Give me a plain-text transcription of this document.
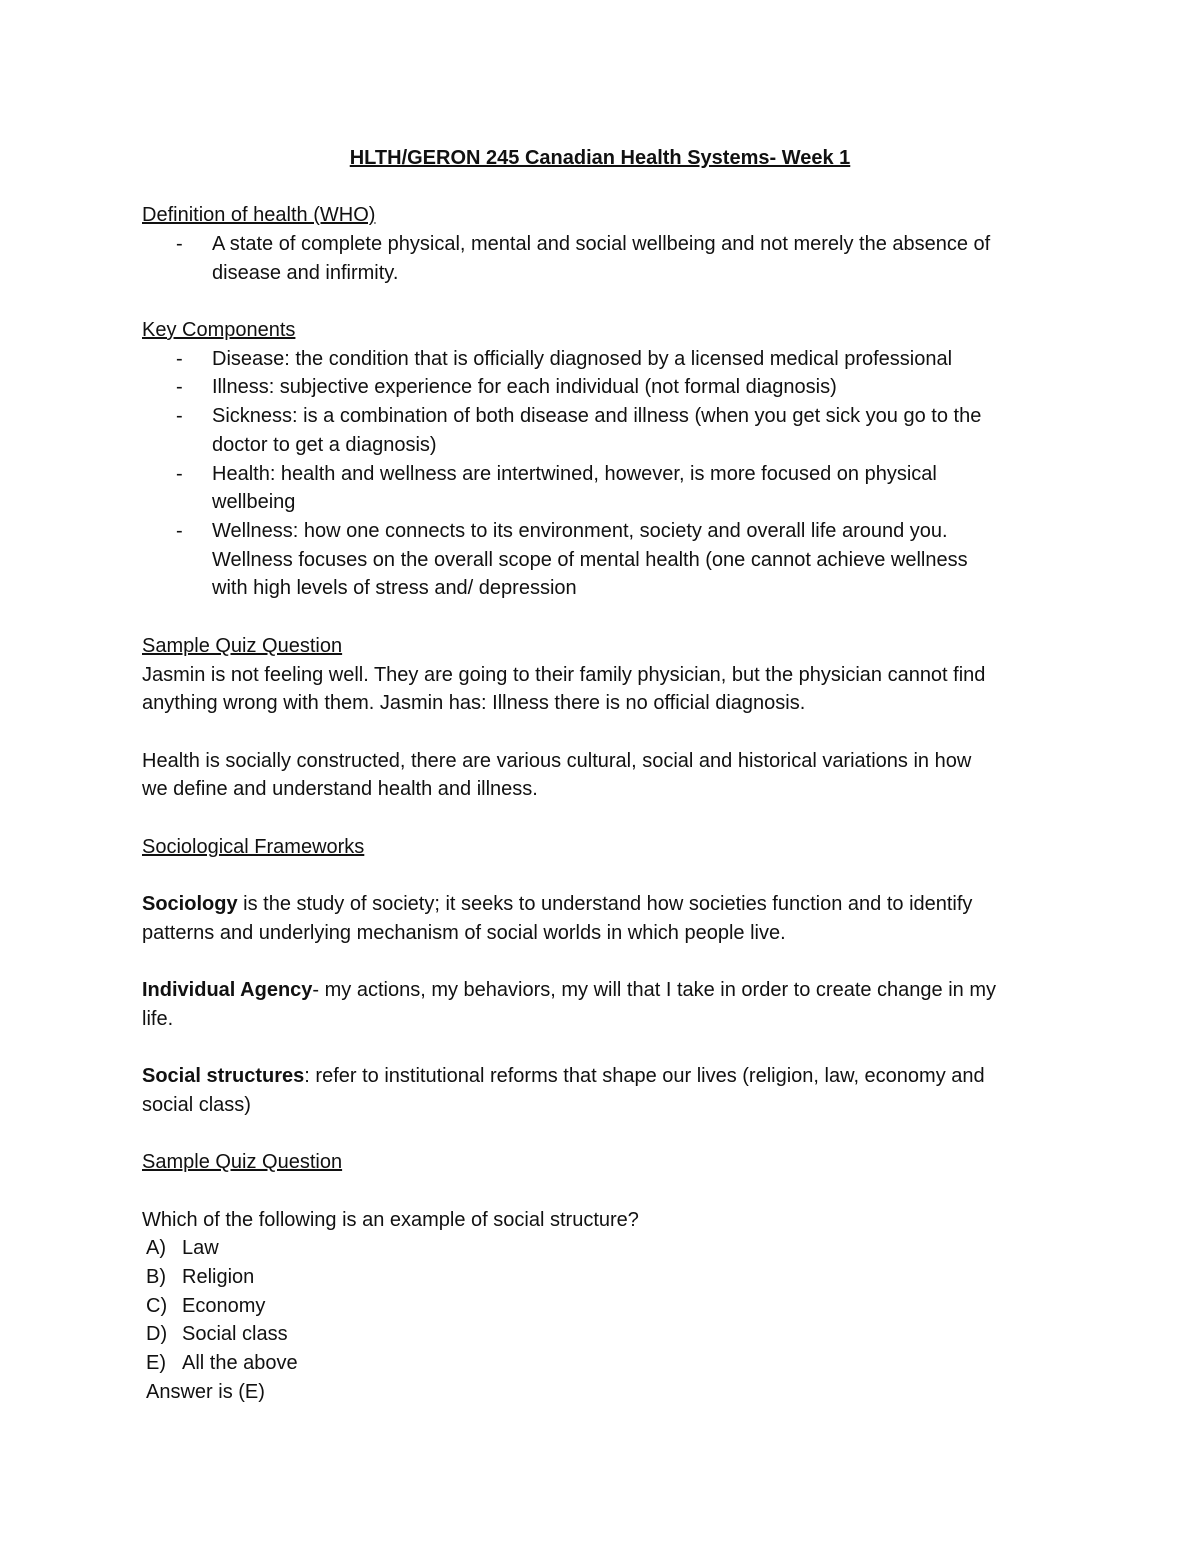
HLTH/GERON 245 Canadian Health Systems- Week 1

Definition of health (WHO)

- A state of complete physical, mental and social wellbeing and not merely the absence of

disease and infirmity.

Key Components

- Disease: the condition that is officially diagnosed by a licensed medical professional

- Illness: subjective experience for each individual (not formal diagnosis)

- Sickness: is a combination of both disease and illness (when you get sick you go to the

doctor to get a diagnosis)

- Health: health and wellness are intertwined, however, is more focused on physical

wellbeing

- Wellness: how one connects to its environment, society and overall life around you.

Wellness focuses on the overall scope of mental health (one cannot achieve wellness

with high levels of stress and/ depression

Sample Quiz Question

Jasmin is not feeling well. They are going to their family physician, but the physician cannot find

anything wrong with them. Jasmin has: Illness there is no official diagnosis.

Health is socially constructed, there are various cultural, social and historical variations in how

we define and understand health and illness.

Sociological Frameworks

Sociology is the study of society; it seeks to understand how societies function and to identify

patterns and underlying mechanism of social worlds in which people live.

Individual Agency- my actions, my behaviors, my will that I take in order to create change in my

life.

Social structures: refer to institutional reforms that shape our lives (religion, law, economy and

social class)

Sample Quiz Question

Which of the following is an example of social structure?

A) Law

B) Religion

C) Economy

D) Social class

E) All the above

Answer is (E)
